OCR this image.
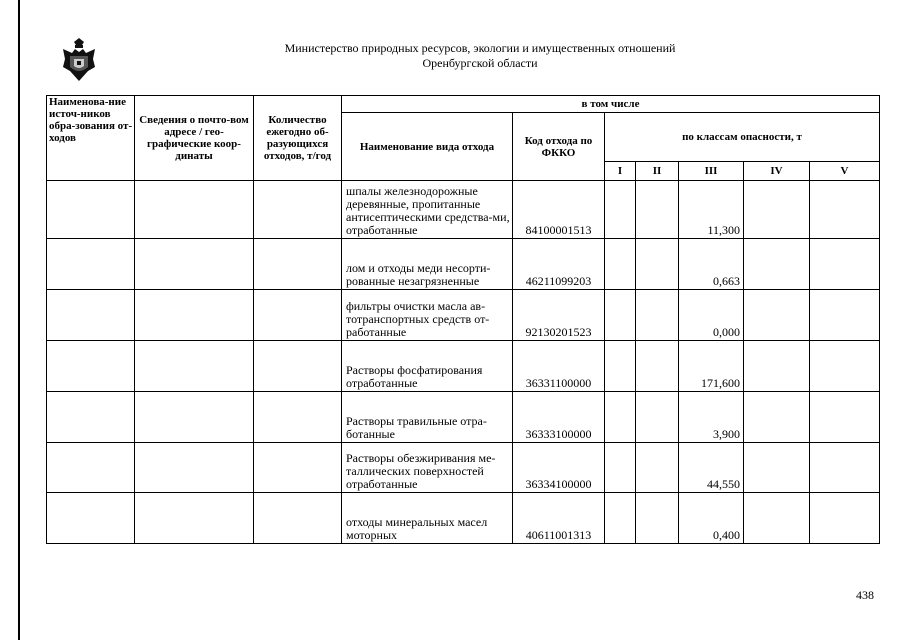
Министерство природных ресурсов, экологии и имущественных отношений
Оренбургской области
Наименова-ние источ-ников обра-зования от-ходов	Сведения о почто-вом адресе / гео-графические коор-динаты	Количество ежегодно об-разующихся отходов, т/год	в том числе						
			Наименование вида отхода	Код отхода по ФККО	по классам опасности, т				
					I	II	III	IV	V
			шпалы железнодорожные деревянные, пропитанные антисептическими средства-ми, отработанные	84100001513			11,300		
			лом и отходы меди несорти-рованные незагрязненные	46211099203			0,663		
			фильтры очистки масла ав-тотранспортных средств от-работанные	92130201523			0,000		
			Растворы фосфатирования отработанные	36331100000			171,600		
			Растворы травильные отра-ботанные	36333100000			3,900		
			Растворы обезжиривания ме-таллических поверхностей отработанные	36334100000			44,550		
			отходы минеральных масел моторных	40611001313			0,400		
438
